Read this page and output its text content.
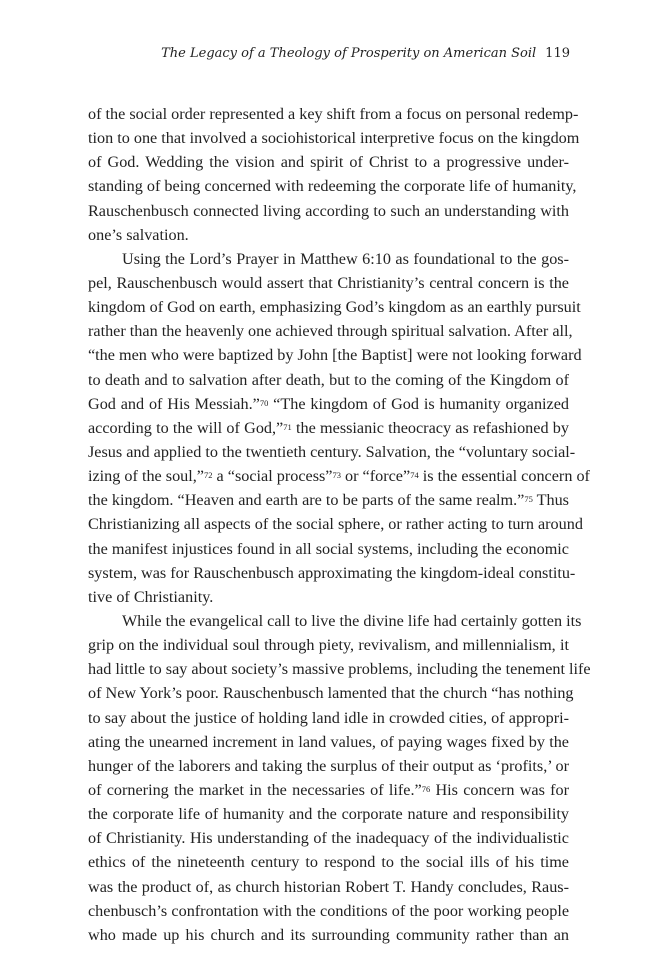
The Legacy of a Theology of Prosperity on American Soil 119
of the social order represented a key shift from a focus on personal redemp-
tion to one that involved a sociohistorical interpretive focus on the kingdom
of God. Wedding the vision and spirit of Christ to a progressive under-
standing of being concerned with redeeming the corporate life of humanity,
Rauschenbusch connected living according to such an understanding with
one’s salvation.
Using the Lord’s Prayer in Matthew 6:10 as foundational to the gos-
pel, Rauschenbusch would assert that Christianity’s central concern is the
kingdom of God on earth, emphasizing God’s kingdom as an earthly pursuit
rather than the heavenly one achieved through spiritual salvation. After all,
“the men who were baptized by John [the Baptist] were not looking forward
to death and to salvation after death, but to the coming of the Kingdom of
God and of His Messiah.”$^{70}$ “The kingdom of God is humanity organized
according to the will of God,”$^{71}$ the messianic theocracy as refashioned by
Jesus and applied to the twentieth century. Salvation, the “voluntary social-
izing of the soul,”$^{72}$ a “social process”$^{73}$ or “force”$^{74}$ is the essential concern of
the kingdom. “Heaven and earth are to be parts of the same realm.”$^{75}$ Thus
Christianizing all aspects of the social sphere, or rather acting to turn around
the manifest injustices found in all social systems, including the economic
system, was for Rauschenbusch approximating the kingdom-ideal constitu-
tive of Christianity.
While the evangelical call to live the divine life had certainly gotten its
grip on the individual soul through piety, revivalism, and millennialism, it
had little to say about society’s massive problems, including the tenement life
of New York’s poor. Rauschenbusch lamented that the church “has nothing
to say about the justice of holding land idle in crowded cities, of appropri-
ating the unearned increment in land values, of paying wages fixed by the
hunger of the laborers and taking the surplus of their output as ‘profits,’ or
of cornering the market in the necessaries of life.”$^{76}$ His concern was for
the corporate life of humanity and the corporate nature and responsibility
of Christianity. His understanding of the inadequacy of the individualistic
ethics of the nineteenth century to respond to the social ills of his time
was the product of, as church historian Robert T. Handy concludes, Raus-
chenbusch’s confrontation with the conditions of the poor working people
who made up his church and its surrounding community rather than an
